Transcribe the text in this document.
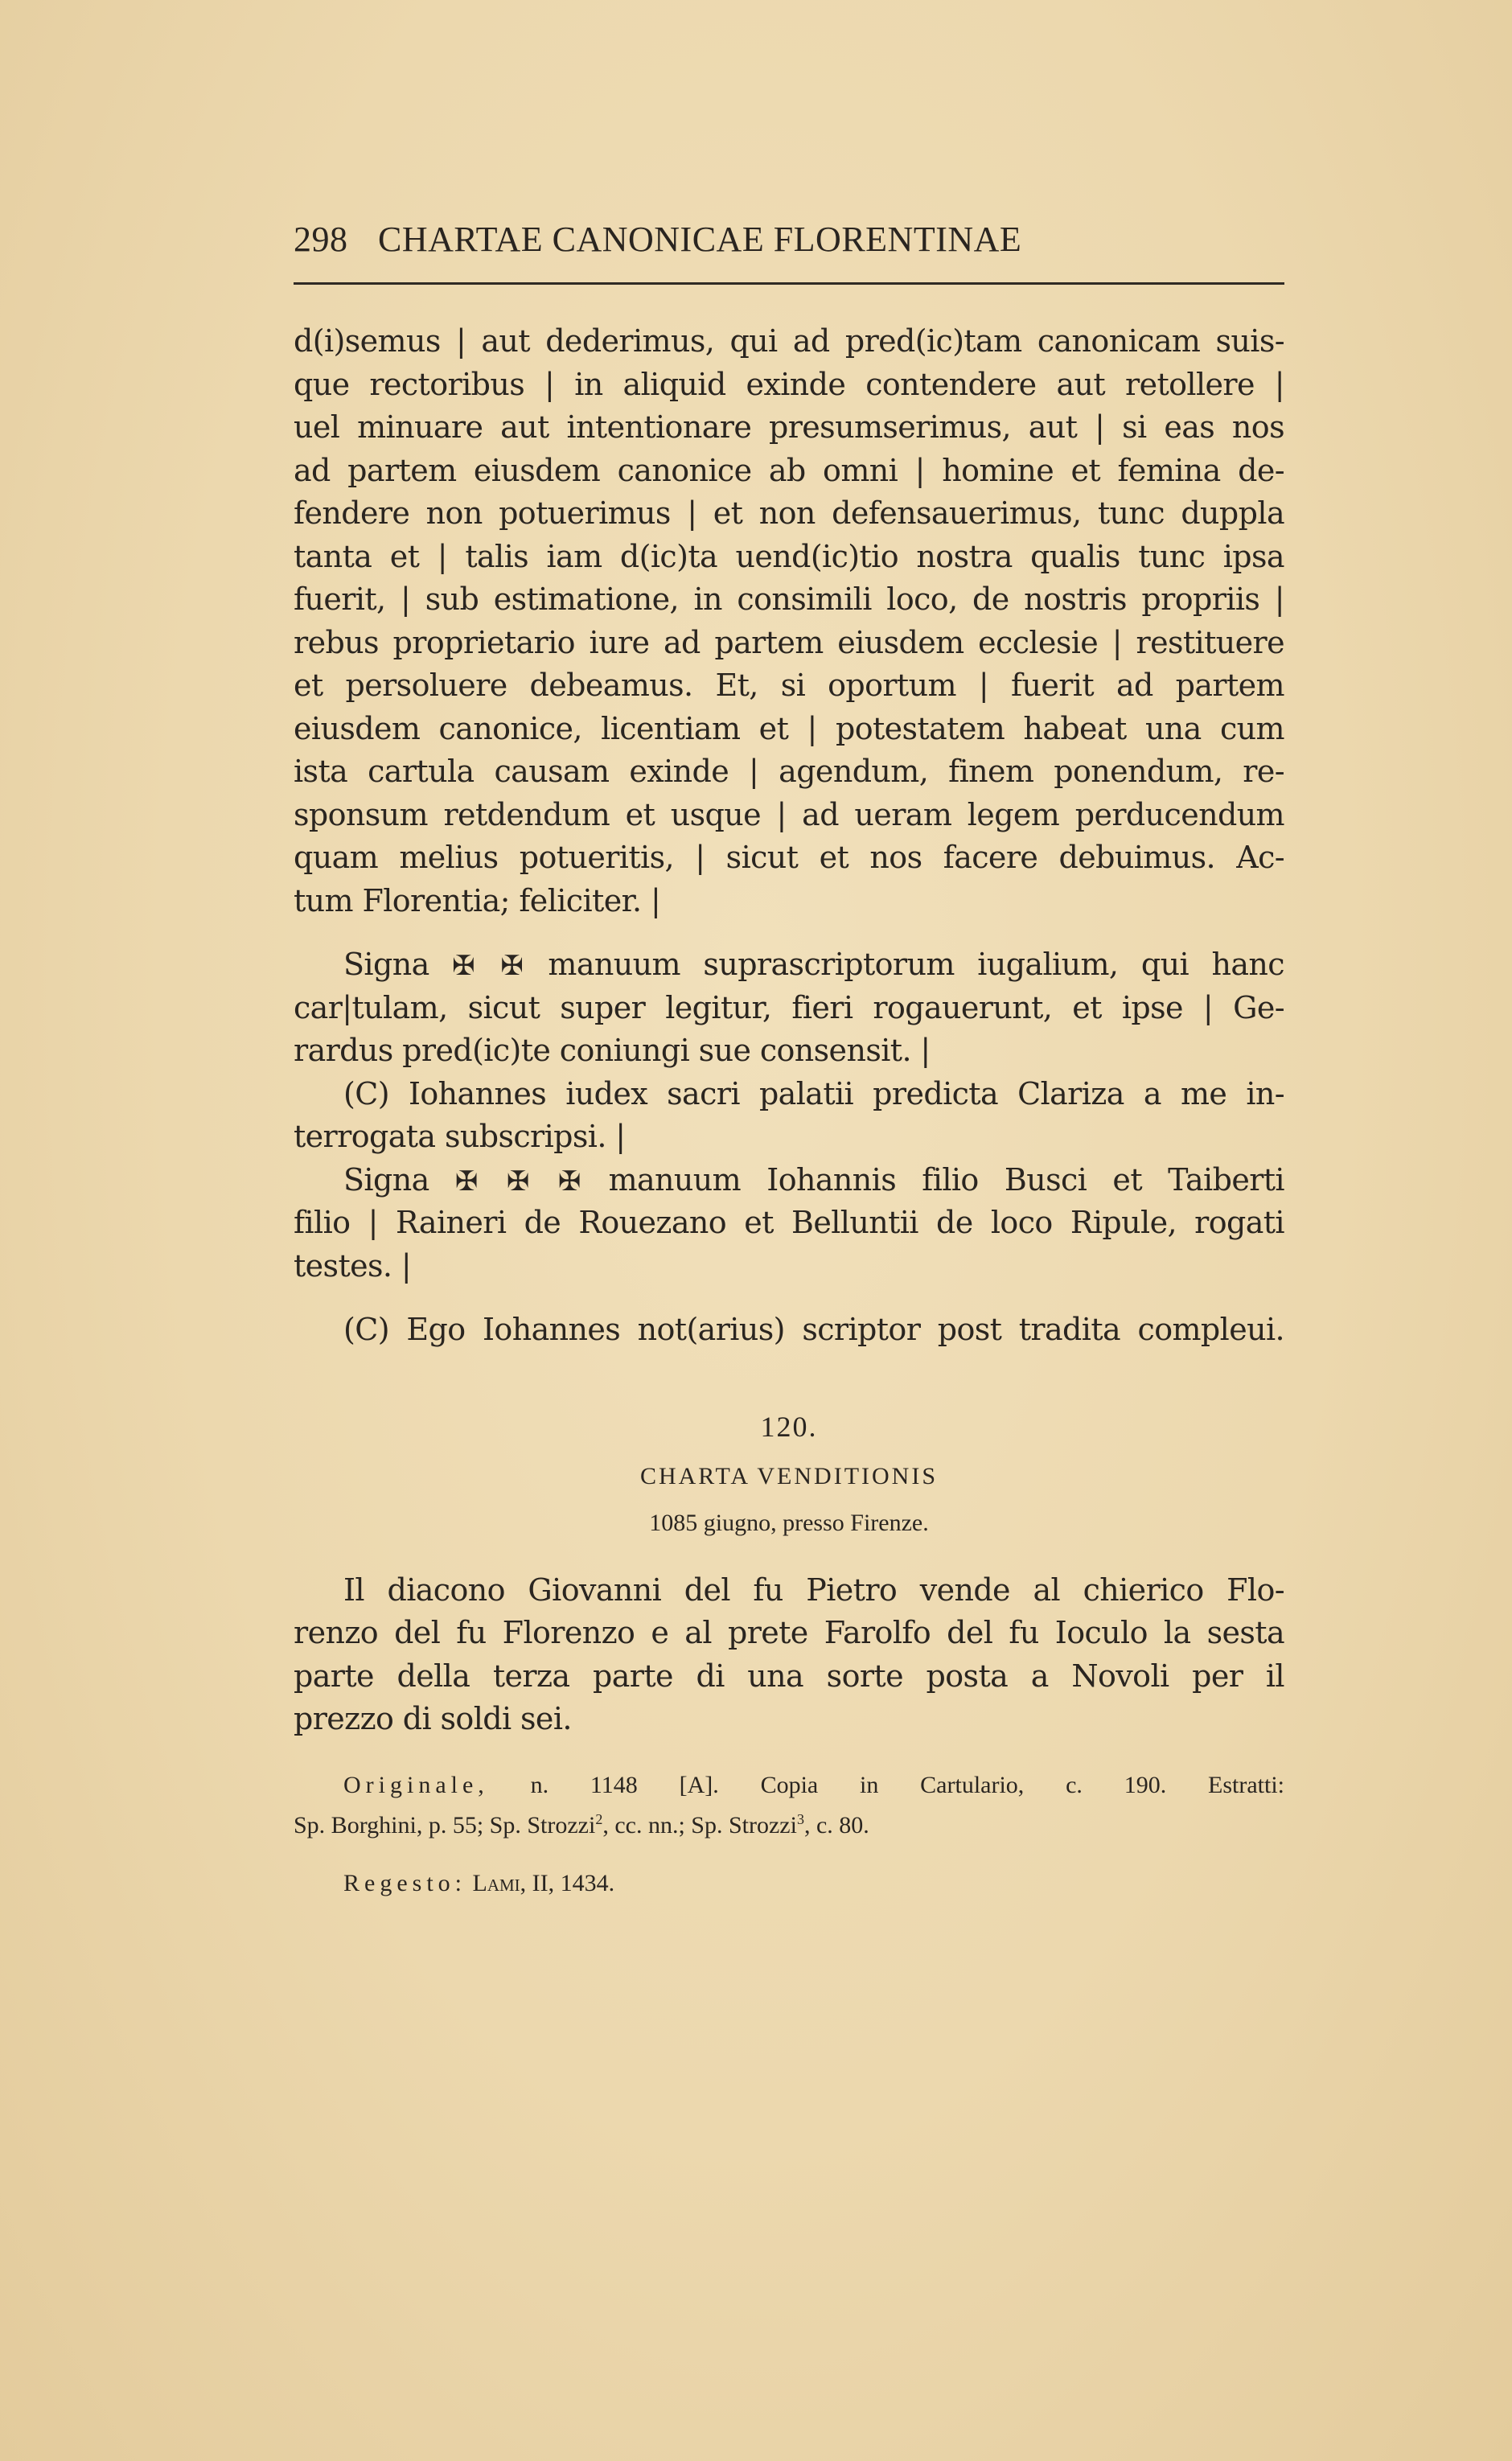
298 CHARTAE CANONICAE FLORENTINAE
d(i)semus | aut dederimus, qui ad pred(ic)tam canonicam suis-
que rectoribus | in aliquid exinde contendere aut retollere |
uel minuare aut intentionare presumserimus, aut | si eas nos
ad partem eiusdem canonice ab omni | homine et femina de-
fendere non potuerimus | et non defensauerimus, tunc duppla
tanta et | talis iam d(ic)ta uend(ic)tio nostra qualis tunc ipsa
fuerit, | sub estimatione, in consimili loco, de nostris propriis |
rebus proprietario iure ad partem eiusdem ecclesie | restituere
et persoluere debeamus. Et, si oportum | fuerit ad partem
eiusdem canonice, licentiam et | potestatem habeat una cum
ista cartula causam exinde | agendum, finem ponendum, re-
sponsum retdendum et usque | ad ueram legem perducendum
quam melius potueritis, | sicut et nos facere debuimus. Ac-
tum Florentia; feliciter. |
Signa ✠ ✠ manuum suprascriptorum iugalium, qui hanc
car|tulam, sicut super legitur, fieri rogauerunt, et ipse | Ge-
rardus pred(ic)te coniungi sue consensit. |
(C) Iohannes iudex sacri palatii predicta Clariza a me in-
terrogata subscripsi. |
Signa ✠ ✠ ✠ manuum Iohannis filio Busci et Taiberti
filio | Raineri de Rouezano et Belluntii de loco Ripule, rogati
testes. |
(C) Ego Iohannes not(arius) scriptor post tradita compleui.
120.
CHARTA VENDITIONIS
1085 giugno, presso Firenze.
Il diacono Giovanni del fu Pietro vende al chierico Flo-
renzo del fu Florenzo e al prete Farolfo del fu Ioculo la sesta
parte della terza parte di una sorte posta a Novoli per il
prezzo di soldi sei.
Originale, n. 1148 [A]. Copia in Cartulario, c. 190. Estratti:
Sp. Borghini, p. 55; Sp. Strozzi$^2$, cc. nn.; Sp. Strozzi$^3$, c. 80.
Regesto: Lami, II, 1434.
